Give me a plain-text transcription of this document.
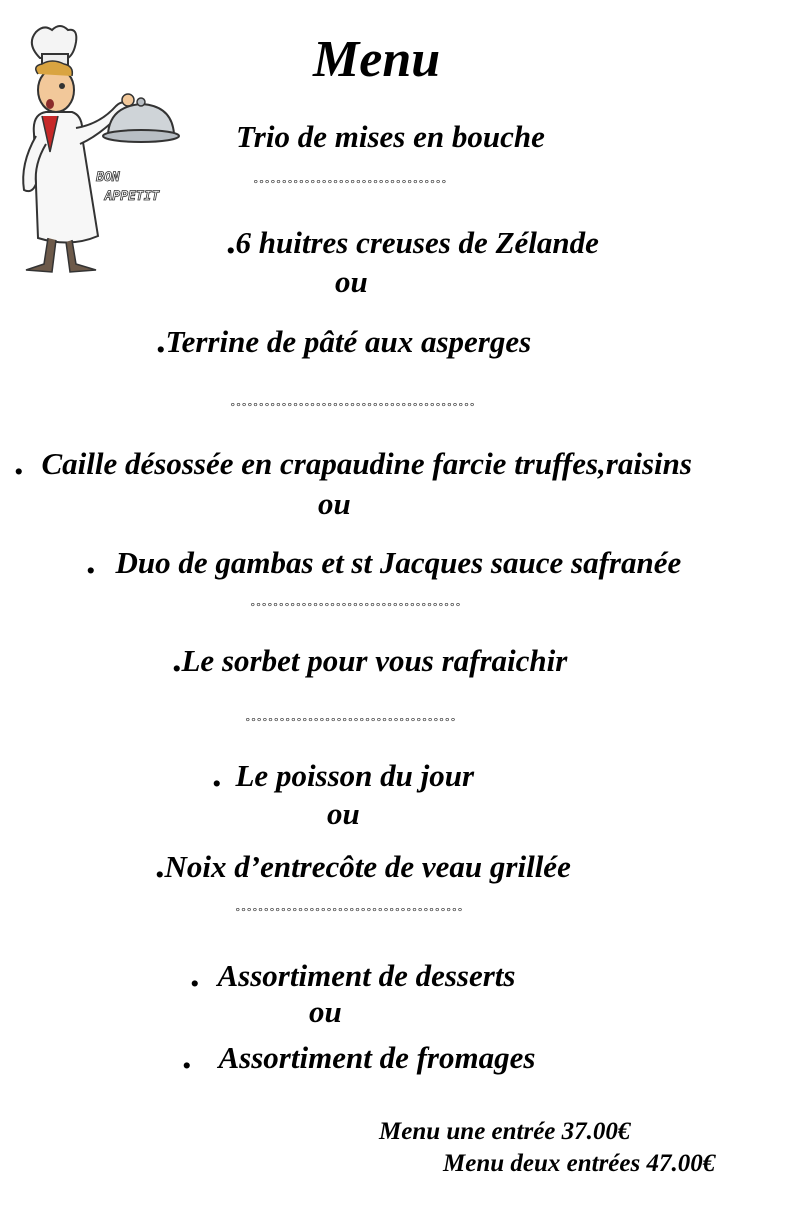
BON
APPETIT
Menu
Trio de mises en bouche
°°°°°°°°°°°°°°°°°°°°°°°°°°°°°°°°°°
.6 huitres creuses de Zélande
ou
.Terrine de pâté aux asperges
°°°°°°°°°°°°°°°°°°°°°°°°°°°°°°°°°°°°°°°°°°°
. Caille désossée en crapaudine farcie truffes,raisins
ou
. Duo de gambas et st Jacques sauce safranée
°°°°°°°°°°°°°°°°°°°°°°°°°°°°°°°°°°°°°
.Le sorbet pour vous rafraichir
°°°°°°°°°°°°°°°°°°°°°°°°°°°°°°°°°°°°°
. Le poisson du jour
ou
.Noix d’entrecôte de veau grillée
°°°°°°°°°°°°°°°°°°°°°°°°°°°°°°°°°°°°°°°°
. Assortiment de desserts
ou
. Assortiment de fromages
Menu une entrée 37.00€
Menu deux entrées 47.00€
